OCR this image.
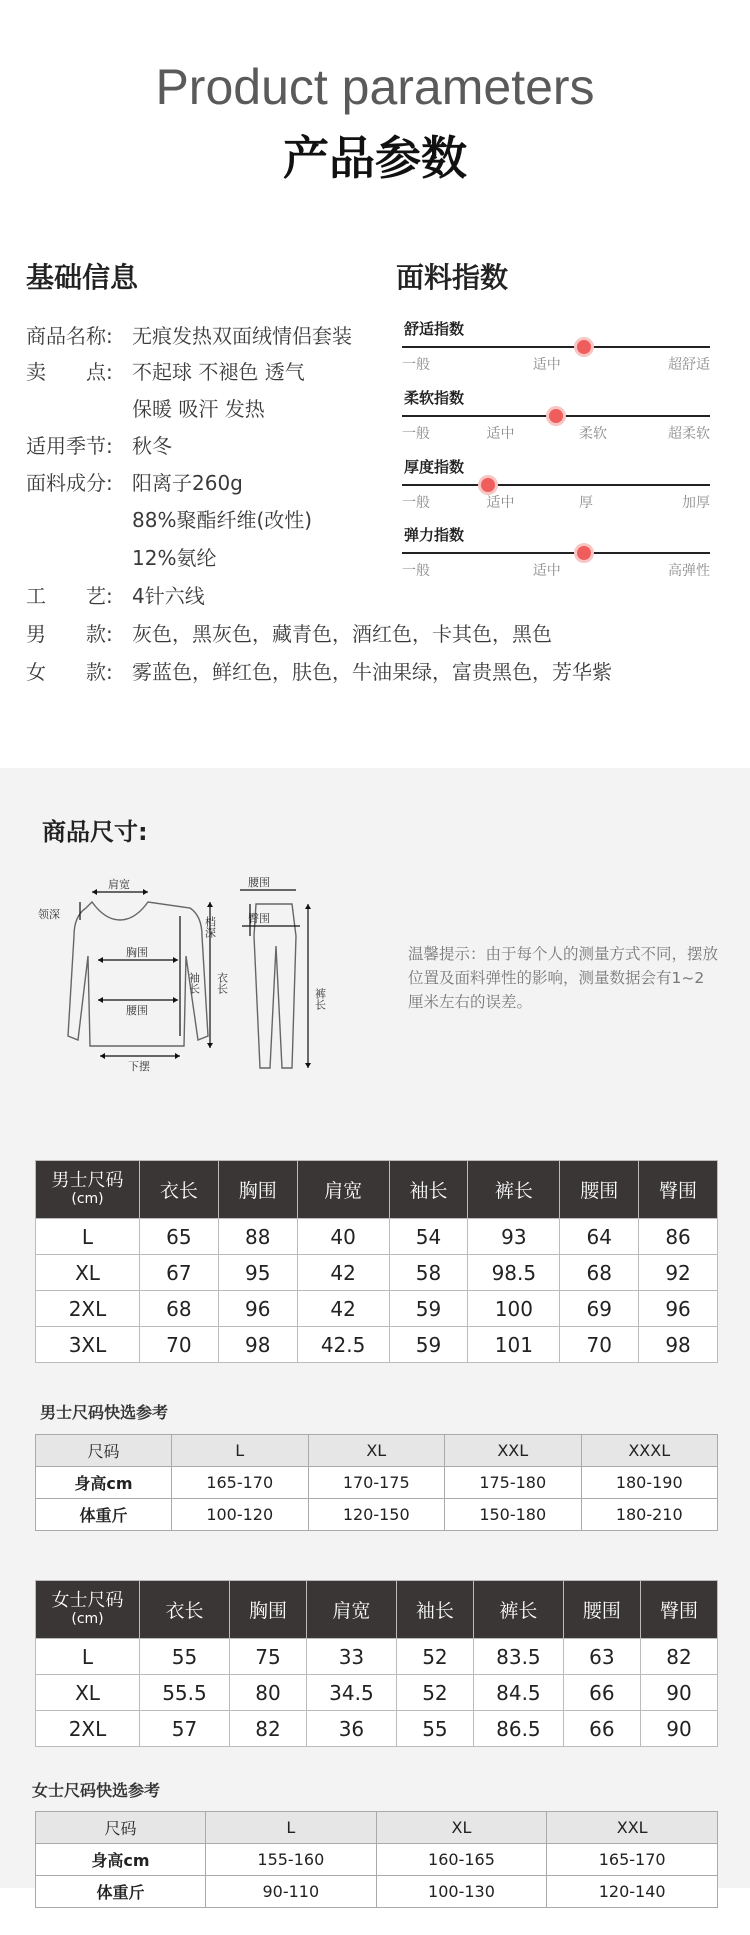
Product parameters
产品参数
基础信息
商品名称: 无痕发热双面绒情侣套装
卖　　点: 不起球 不褪色 透气
保暖 吸汗 发热
适用季节: 秋冬
面料成分: 阳离子260g
88%聚酯纤维(改性)
12%氨纶
工　　艺: 4针六线
男　　款: 灰色，黑灰色，藏青色，酒红色，卡其色，黑色
女　　款: 雾蓝色，鲜红色，肤色，牛油果绿，富贵黑色，芳华紫
面料指数
舒适指数
一般	适中	超舒适
柔软指数
一般	适中	柔软	超柔软
厚度指数
一般	适中	厚	加厚
弹力指数
一般	适中	高弹性
商品尺寸:
肩宽
领深
胸围
腰围
下摆
袖长 衣长
腰围
臀围
档深
裤长
温馨提示：由于每个人的测量方式不同，摆放位置及面料弹性的影响，测量数据会有1~2厘米左右的误差。
男士尺码
(cm)	衣长	胸围	肩宽	袖长	裤长	腰围	臀围
L	65	88	40	54	93	64	86
XL	67	95	42	58	98.5	68	92
2XL	68	96	42	59	100	69	96
3XL	70	98	42.5	59	101	70	98
男士尺码快选参考
尺码	L	XL	XXL	XXXL
身高cm	165-170	170-175	175-180	180-190
体重斤	100-120	120-150	150-180	180-210
女士尺码
(cm)	衣长	胸围	肩宽	袖长	裤长	腰围	臀围
L	55	75	33	52	83.5	63	82
XL	55.5	80	34.5	52	84.5	66	90
2XL	57	82	36	55	86.5	66	90
女士尺码快选参考
尺码	L	XL	XXL
身高cm	155-160	160-165	165-170
体重斤	90-110	100-130	120-140
